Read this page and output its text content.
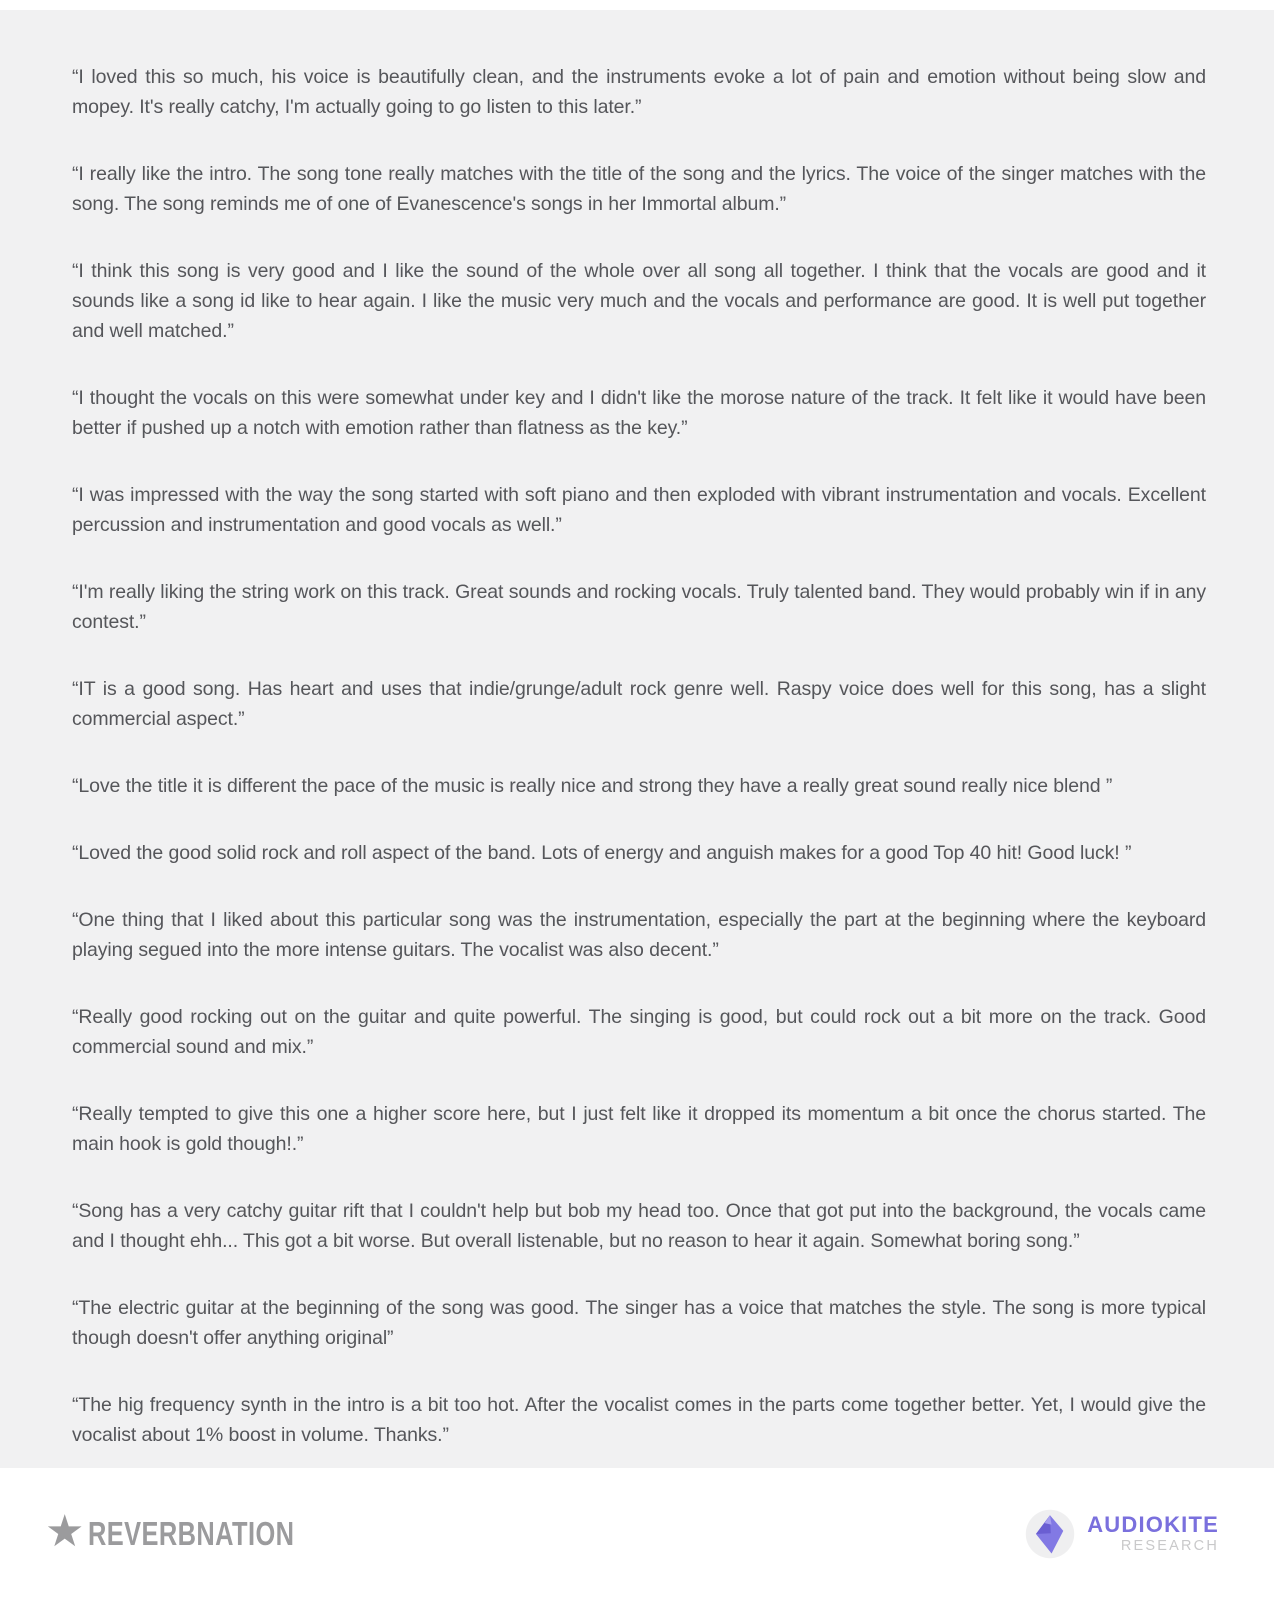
“I loved this so much, his voice is beautifully clean, and the instruments evoke a lot of pain and emotion without being slow and mopey. It's really catchy, I'm actually going to go listen to this later.”

“I really like the intro. The song tone really matches with the title of the song and the lyrics. The voice of the singer matches with the song. The song reminds me of one of Evanescence's songs in her Immortal album.”

“I think this song is very good and I like the sound of the whole over all song all together. I think that the vocals are good and it sounds like a song id like to hear again. I like the music very much and the vocals and performance are good. It is well put together and well matched.”

“I thought the vocals on this were somewhat under key and I didn't like the morose nature of the track. It felt like it would have been better if pushed up a notch with emotion rather than flatness as the key.”

“I was impressed with the way the song started with soft piano and then exploded with vibrant instrumentation and vocals. Excellent percussion and instrumentation and good vocals as well.”

“I'm really liking the string work on this track. Great sounds and rocking vocals. Truly talented band. They would probably win if in any contest.”

“IT is a good song. Has heart and uses that indie/grunge/adult rock genre well. Raspy voice does well for this song, has a slight commercial aspect.”

“Love the title it is different the pace of the music is really nice and strong they have a really great sound really nice blend ”

“Loved the good solid rock and roll aspect of the band. Lots of energy and anguish makes for a good Top 40 hit! Good luck! ”

“One thing that I liked about this particular song was the instrumentation, especially the part at the beginning where the keyboard playing segued into the more intense guitars. The vocalist was also decent.”

“Really good rocking out on the guitar and quite powerful. The singing is good, but could rock out a bit more on the track. Good commercial sound and mix.”

“Really tempted to give this one a higher score here, but I just felt like it dropped its momentum a bit once the chorus started. The main hook is gold though!.”

“Song has a very catchy guitar rift that I couldn't help but bob my head too. Once that got put into the background, the vocals came and I thought ehh... This got a bit worse. But overall listenable, but no reason to hear it again. Somewhat boring song.”

“The electric guitar at the beginning of the song was good. The singer has a voice that matches the style. The song is more typical though doesn't offer anything original”

“The hig frequency synth in the intro is a bit too hot. After the vocalist comes in the parts come together better. Yet, I would give the vocalist about 1% boost in volume. Thanks.”

★ REVERBNATION	AUDIOKITE
RESEARCH
